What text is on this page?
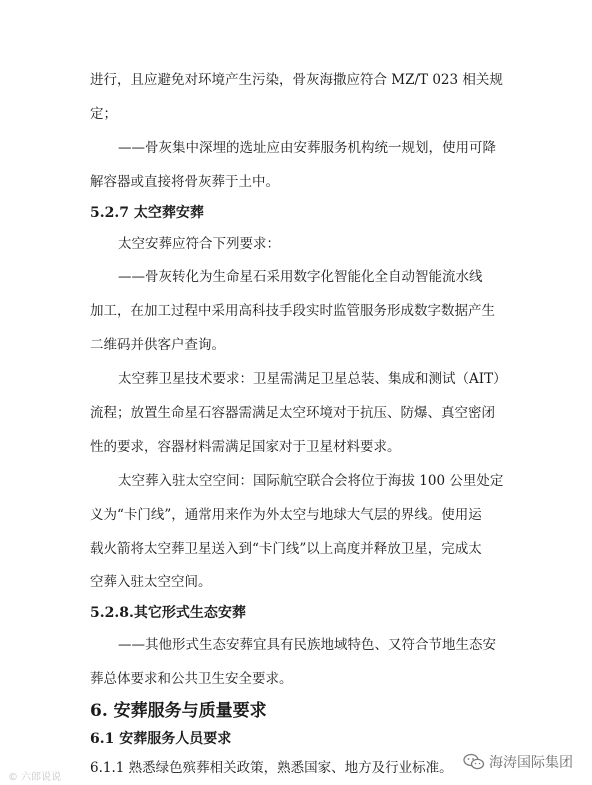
进行，且应避免对环境产生污染，骨灰海撒应符合 MZ/T 023 相关规
定；
——骨灰集中深埋的选址应由安葬服务机构统一规划，使用可降
解容器或直接将骨灰葬于土中。
5.2.7 太空葬安葬
太空安葬应符合下列要求：
——骨灰转化为生命星石采用数字化智能化全自动智能流水线
加工，在加工过程中采用高科技手段实时监管服务形成数字数据产生
二维码并供客户查询。
太空葬卫星技术要求：卫星需满足卫星总装、集成和测试（AIT）
流程；放置生命星石容器需满足太空环境对于抗压、防爆、真空密闭
性的要求，容器材料需满足国家对于卫星材料要求。
太空葬入驻太空空间：国际航空联合会将位于海拔 100 公里处定
义为“卡门线”，通常用来作为外太空与地球大气层的界线。使用运
载火箭将太空葬卫星送入到“卡门线”以上高度并释放卫星，完成太
空葬入驻太空空间。
5.2.8.其它形式生态安葬
——其他形式生态安葬宜具有民族地域特色、又符合节地生态安
葬总体要求和公共卫生安全要求。
6. 安葬服务与质量要求
6.1 安葬服务人员要求
6.1.1 熟悉绿色殡葬相关政策，熟悉国家、地方及行业标准。
© 六郎说说
海涛国际集团
